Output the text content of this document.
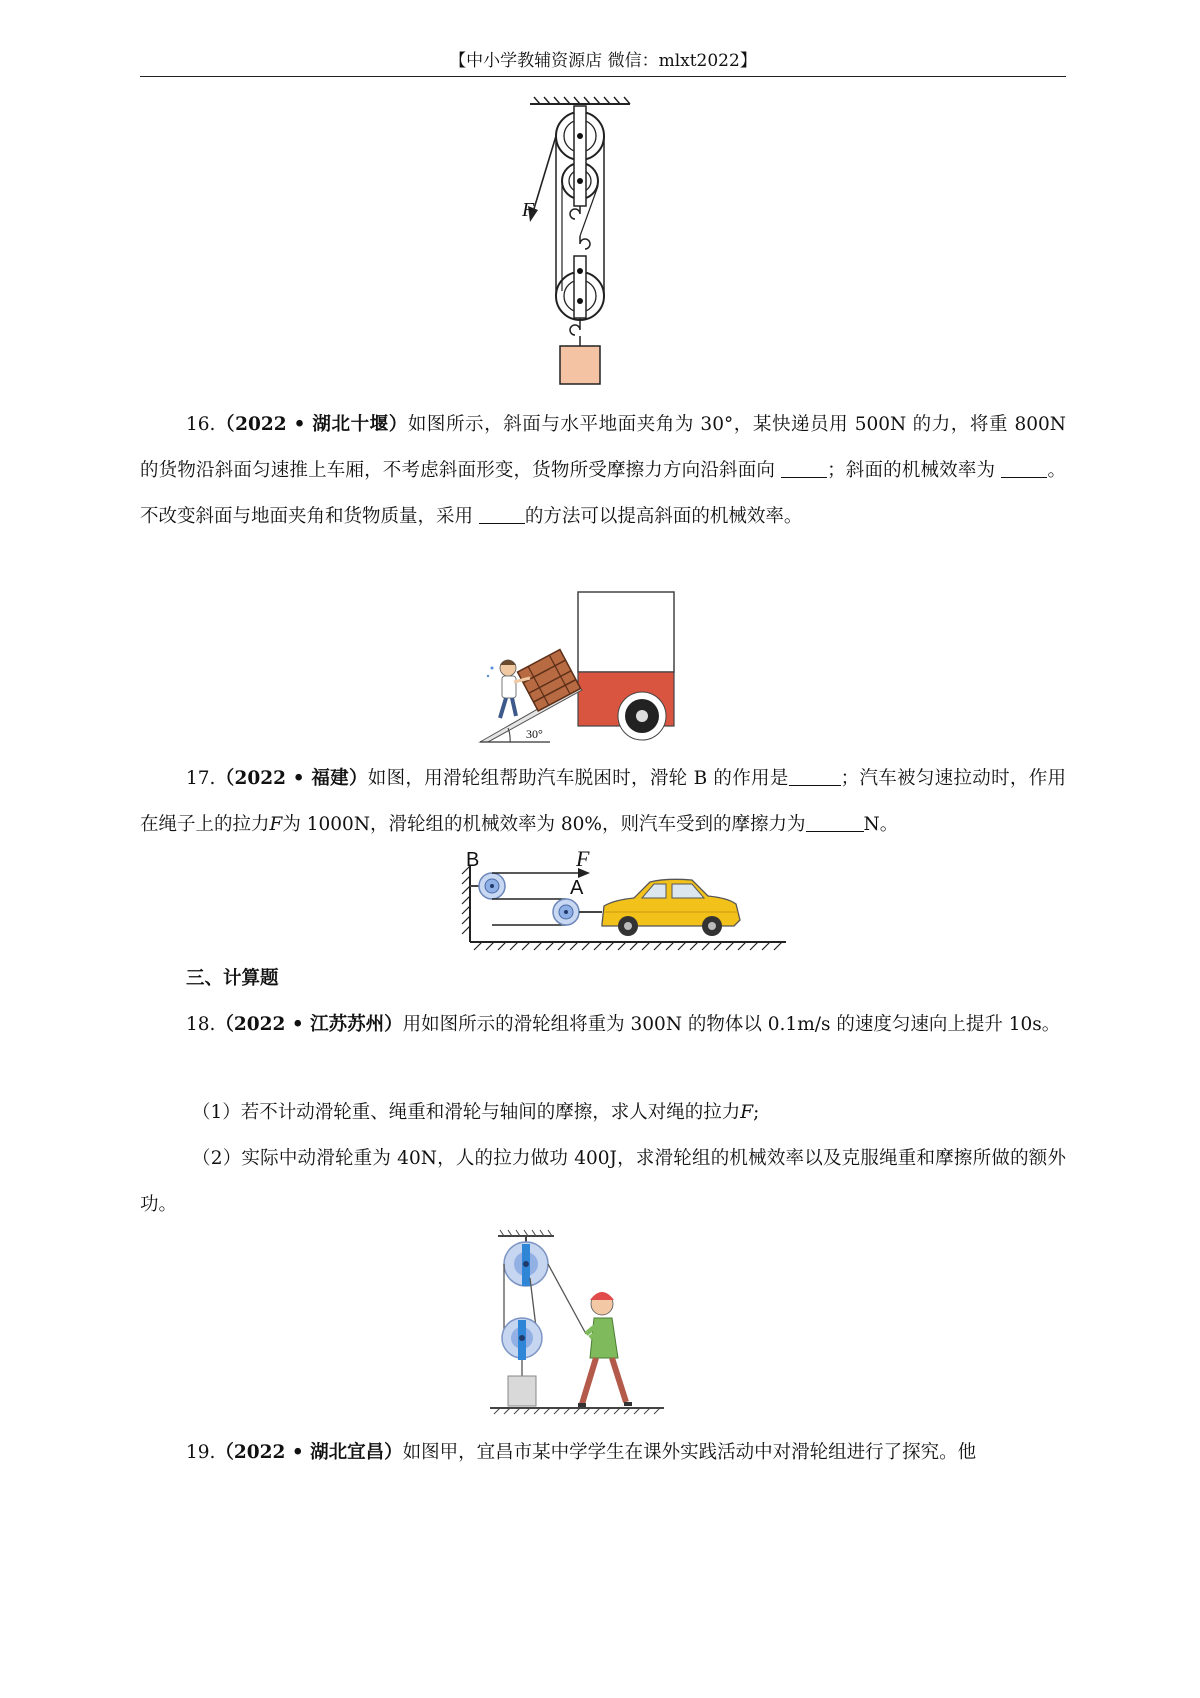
【中小学教辅资源店 微信：mlxt2022】
F

16.（2022 • 湖北十堰）如图所示，斜面与水平地面夹角为 30°，某快递员用 500N 的力，将重 800N 的货物沿斜面匀速推上车厢，不考虑斜面形变，货物所受摩擦力方向沿斜面向	；斜面的机械效率为	。不改变斜面与地面夹角和货物质量，采用	的方法可以提高斜面的机械效率。

30°

17.（2022 • 福建）如图，用滑轮组帮助汽车脱困时，滑轮 B 的作用是	；汽车被匀速拉动时，作用在绳子上的拉力F为 1000N，滑轮组的机械效率为 80%，则汽车受到的摩擦力为	N。

B
A
F
三、计算题

18.（2022 • 江苏苏州）用如图所示的滑轮组将重为 300N 的物体以 0.1m/s 的速度匀速向上提升 10s。

（1）若不计动滑轮重、绳重和滑轮与轴间的摩擦，求人对绳的拉力F;

（2）实际中动滑轮重为 40N，人的拉力做功 400J，求滑轮组的机械效率以及克服绳重和摩擦所做的额外功。

19.（2022 • 湖北宜昌）如图甲，宜昌市某中学学生在课外实践活动中对滑轮组进行了探究。他
